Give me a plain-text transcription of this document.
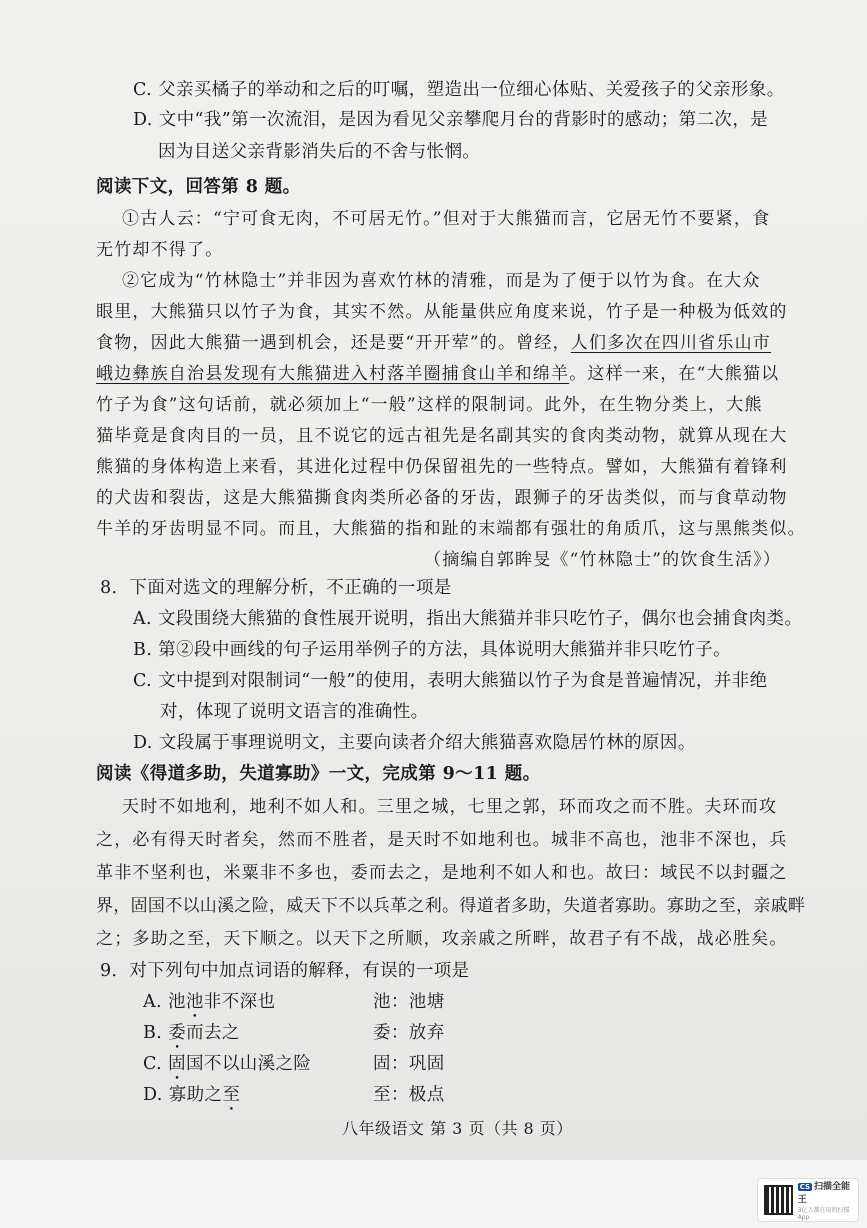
C. 父亲买橘子的举动和之后的叮嘱，塑造出一位细心体贴、关爱孩子的父亲形象。
D. 文中“我”第一次流泪，是因为看见父亲攀爬月台的背影时的感动；第二次，是
因为目送父亲背影消失后的不舍与怅惘。
阅读下文，回答第 8 题。
①古人云：“宁可食无肉，不可居无竹。”但对于大熊猫而言，它居无竹不要紧，食
无竹却不得了。
②它成为“竹林隐士”并非因为喜欢竹林的清雅，而是为了便于以竹为食。在大众
眼里，大熊猫只以竹子为食，其实不然。从能量供应角度来说，竹子是一种极为低效的
食物，因此大熊猫一遇到机会，还是要“开开荤”的。曾经，人们多次在四川省乐山市
峨边彝族自治县发现有大熊猫进入村落羊圈捕食山羊和绵羊。这样一来，在“大熊猫以
竹子为食”这句话前，就必须加上“一般”这样的限制词。此外，在生物分类上，大熊
猫毕竟是食肉目的一员，且不说它的远古祖先是名副其实的食肉类动物，就算从现在大
熊猫的身体构造上来看，其进化过程中仍保留祖先的一些特点。譬如，大熊猫有着锋利
的犬齿和裂齿，这是大熊猫撕食肉类所必备的牙齿，跟狮子的牙齿类似，而与食草动物
牛羊的牙齿明显不同。而且，大熊猫的指和趾的末端都有强壮的角质爪，这与黑熊类似。
（摘编自郭眸旻《“竹林隐士”的饮食生活》）
8．下面对选文的理解分析，不正确的一项是
A. 文段围绕大熊猫的食性展开说明，指出大熊猫并非只吃竹子，偶尔也会捕食肉类。
B. 第②段中画线的句子运用举例子的方法，具体说明大熊猫并非只吃竹子。
C. 文中提到对限制词“一般”的使用，表明大熊猫以竹子为食是普遍情况，并非绝
对，体现了说明文语言的准确性。
D. 文段属于事理说明文，主要向读者介绍大熊猫喜欢隐居竹林的原因。
阅读《得道多助，失道寡助》一文，完成第 9～11 题。
天时不如地利，地利不如人和。三里之城，七里之郭，环而攻之而不胜。夫环而攻
之，必有得天时者矣，然而不胜者，是天时不如地利也。城非不高也，池非不深也，兵
革非不坚利也，米粟非不多也，委而去之，是地利不如人和也。故曰：域民不以封疆之
界，固国不以山溪之险，威天下不以兵革之利。得道者多助，失道者寡助。寡助之至，亲戚畔
之；多助之至，天下顺之。以天下之所顺，攻亲戚之所畔，故君子有不战，战必胜矣。
9．对下列句中加点词语的解释，有误的一项是
A. 池池非不深也	池：池塘
B. 委而去之	委：放弃
C. 固国不以山溪之险	固：巩固
D. 寡助之至	至：极点
八年级语文 第 3 页（共 8 页）
CS 扫描全能王
3亿人都在用的扫描App
